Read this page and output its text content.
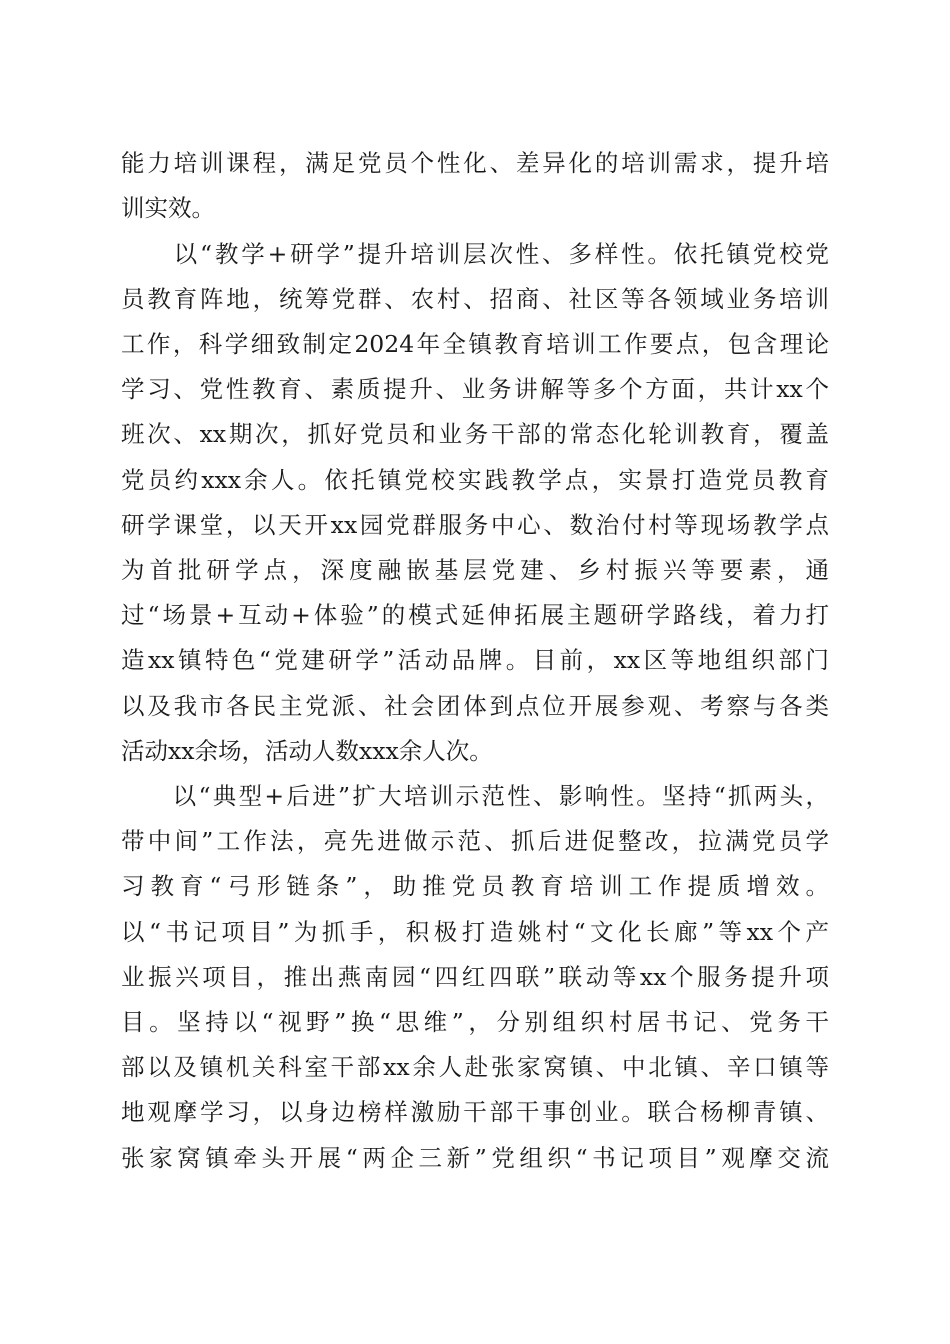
能力培训课程，满足党员个性化、差异化的培训需求，提升培
训实效。
　　以“教学+研学”提升培训层次性、多样性。依托镇党校党
员教育阵地，统筹党群、农村、招商、社区等各领域业务培训
工作，科学细致制定2024年全镇教育培训工作要点，包含理论
学习、党性教育、素质提升、业务讲解等多个方面，共计xx个
班次、xx期次，抓好党员和业务干部的常态化轮训教育，覆盖
党员约xxx余人。依托镇党校实践教学点，实景打造党员教育
研学课堂，以天开xx园党群服务中心、数治付村等现场教学点
为首批研学点，深度融嵌基层党建、乡村振兴等要素，通
过“场景+互动+体验”的模式延伸拓展主题研学路线，着力打
造xx镇特色“党建研学”活动品牌。目前，xx区等地组织部门
以及我市各民主党派、社会团体到点位开展参观、考察与各类
活动xx余场，活动人数xxx余人次。
　　以“典型+后进”扩大培训示范性、影响性。坚持“抓两头，
带中间”工作法，亮先进做示范、抓后进促整改，拉满党员学
习教育“弓形链条”，助推党员教育培训工作提质增效。
以“书记项目”为抓手，积极打造姚村“文化长廊”等xx个产
业振兴项目，推出燕南园“四红四联”联动等xx个服务提升项
目。坚持以“视野”换“思维”，分别组织村居书记、党务干
部以及镇机关科室干部xx余人赴张家窝镇、中北镇、辛口镇等
地观摩学习，以身边榜样激励干部干事创业。联合杨柳青镇、
张家窝镇牵头开展“两企三新”党组织“书记项目”观摩交流
